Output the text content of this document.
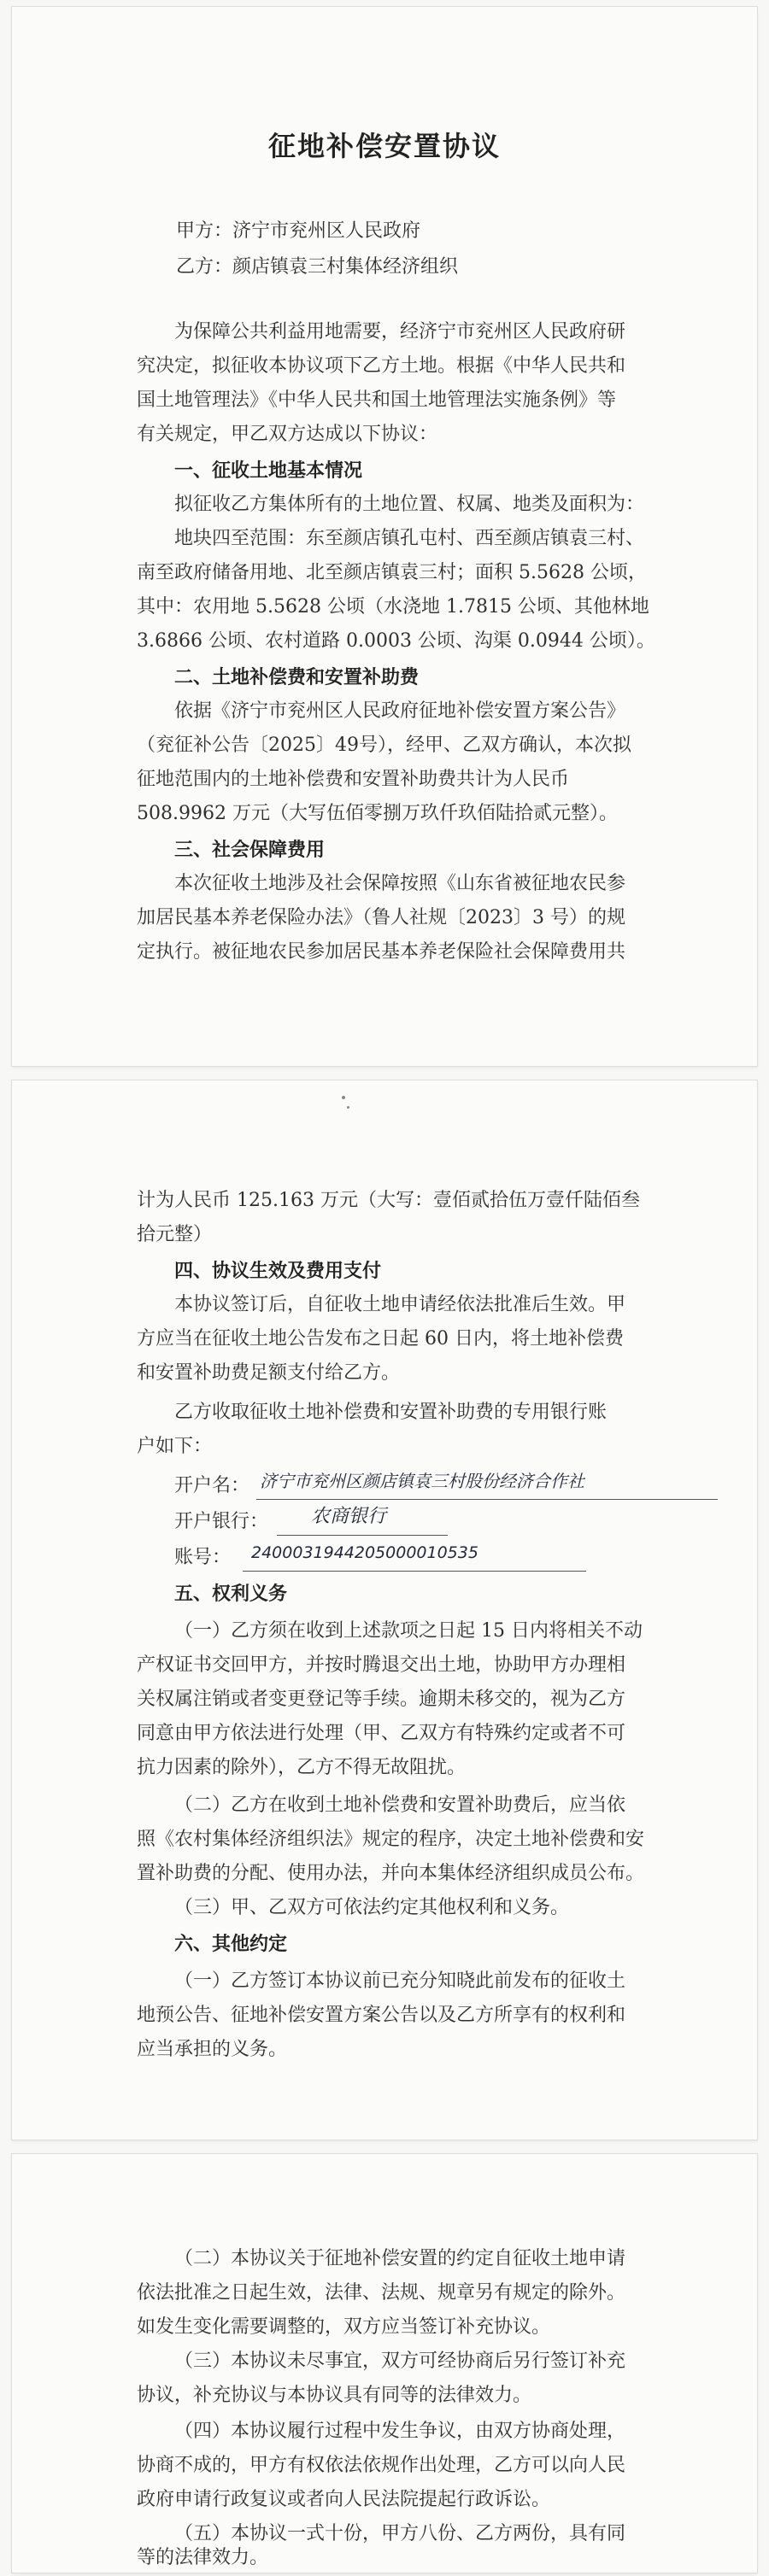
征地补偿安置协议
甲方：济宁市兖州区人民政府
乙方：颜店镇袁三村集体经济组织
为保障公共利益用地需要，经济宁市兖州区人民政府研
究决定，拟征收本协议项下乙方土地。根据《中华人民共和
国土地管理法》《中华人民共和国土地管理法实施条例》等
有关规定，甲乙双方达成以下协议：
一、征收土地基本情况
拟征收乙方集体所有的土地位置、权属、地类及面积为：
地块四至范围：东至颜店镇孔屯村、西至颜店镇袁三村、
南至政府储备用地、北至颜店镇袁三村；面积 5.5628 公顷，
其中：农用地 5.5628 公顷（水浇地 1.7815 公顷、其他林地
3.6866 公顷、农村道路 0.0003 公顷、沟渠 0.0944 公顷）。
二、土地补偿费和安置补助费
依据《济宁市兖州区人民政府征地补偿安置方案公告》
（兖征补公告〔2025〕49号），经甲、乙双方确认，本次拟
征地范围内的土地补偿费和安置补助费共计为人民币
508.9962 万元（大写伍佰零捌万玖仟玖佰陆拾贰元整）。
三、社会保障费用
本次征收土地涉及社会保障按照《山东省被征地农民参
加居民基本养老保险办法》（鲁人社规〔2023〕3 号）的规
定执行。被征地农民参加居民基本养老保险社会保障费用共
计为人民币 125.163 万元（大写：壹佰贰拾伍万壹仟陆佰叁
拾元整）
四、协议生效及费用支付
本协议签订后，自征收土地申请经依法批准后生效。甲
方应当在征收土地公告发布之日起 60 日内，将土地补偿费
和安置补助费足额支付给乙方。
乙方收取征收土地补偿费和安置补助费的专用银行账
户如下：
开户名： 济宁市兖州区颜店镇袁三村股份经济合作社
开户银行： 农商银行
账号： 2400031944205000010535
五、权利义务
（一）乙方须在收到上述款项之日起 15 日内将相关不动
产权证书交回甲方，并按时腾退交出土地，协助甲方办理相
关权属注销或者变更登记等手续。逾期未移交的，视为乙方
同意由甲方依法进行处理（甲、乙双方有特殊约定或者不可
抗力因素的除外），乙方不得无故阻扰。
（二）乙方在收到土地补偿费和安置补助费后，应当依
照《农村集体经济组织法》规定的程序，决定土地补偿费和安
置补助费的分配、使用办法，并向本集体经济组织成员公布。
（三）甲、乙双方可依法约定其他权利和义务。
六、其他约定
（一）乙方签订本协议前已充分知晓此前发布的征收土
地预公告、征地补偿安置方案公告以及乙方所享有的权利和
应当承担的义务。
（二）本协议关于征地补偿安置的约定自征收土地申请
依法批准之日起生效，法律、法规、规章另有规定的除外。
如发生变化需要调整的，双方应当签订补充协议。
（三）本协议未尽事宜，双方可经协商后另行签订补充
协议，补充协议与本协议具有同等的法律效力。
（四）本协议履行过程中发生争议，由双方协商处理，
协商不成的，甲方有权依法依规作出处理，乙方可以向人民
政府申请行政复议或者向人民法院提起行政诉讼。
（五）本协议一式十份，甲方八份、乙方两份，具有同
等的法律效力。
